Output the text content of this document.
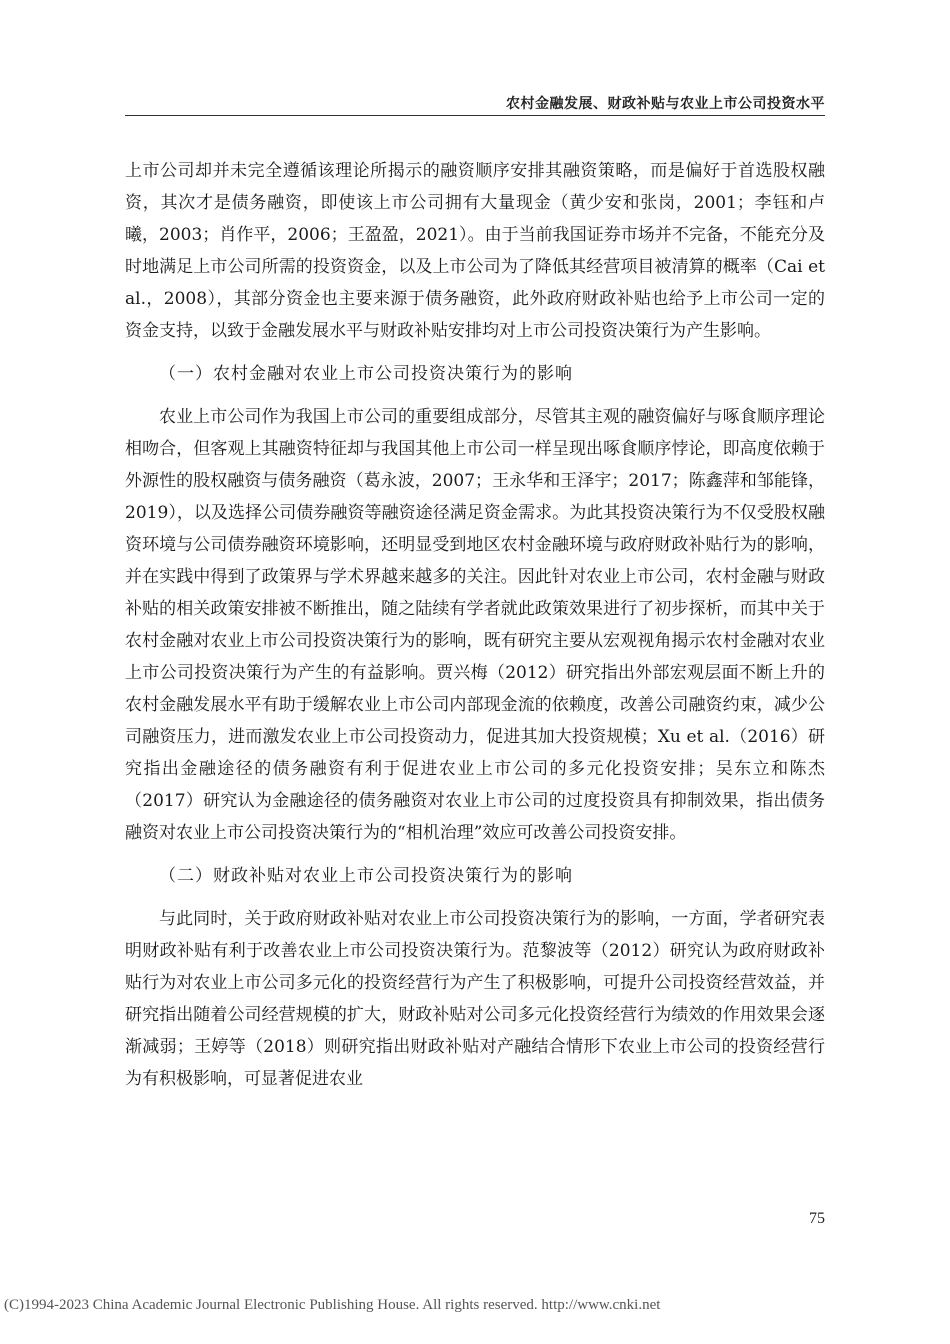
农村金融发展、财政补贴与农业上市公司投资水平

上市公司却并未完全遵循该理论所揭示的融资顺序安排其融资策略，而是偏好于首选股权融资，其次才是债务融资，即使该上市公司拥有大量现金（黄少安和张岗，2001；李钰和卢曦，2003；肖作平，2006；王盈盈，2021）。由于当前我国证券市场并不完备，不能充分及时地满足上市公司所需的投资资金，以及上市公司为了降低其经营项目被清算的概率（Cai et al.，2008），其部分资金也主要来源于债务融资，此外政府财政补贴也给予上市公司一定的资金支持，以致于金融发展水平与财政补贴安排均对上市公司投资决策行为产生影响。

（一）农村金融对农业上市公司投资决策行为的影响

农业上市公司作为我国上市公司的重要组成部分，尽管其主观的融资偏好与啄食顺序理论相吻合，但客观上其融资特征却与我国其他上市公司一样呈现出啄食顺序悖论，即高度依赖于外源性的股权融资与债务融资（葛永波，2007；王永华和王泽宇；2017；陈鑫萍和邹能锋，2019），以及选择公司债券融资等融资途径满足资金需求。为此其投资决策行为不仅受股权融资环境与公司债券融资环境影响，还明显受到地区农村金融环境与政府财政补贴行为的影响，并在实践中得到了政策界与学术界越来越多的关注。因此针对农业上市公司，农村金融与财政补贴的相关政策安排被不断推出，随之陆续有学者就此政策效果进行了初步探析，而其中关于农村金融对农业上市公司投资决策行为的影响，既有研究主要从宏观视角揭示农村金融对农业上市公司投资决策行为产生的有益影响。贾兴梅（2012）研究指出外部宏观层面不断上升的农村金融发展水平有助于缓解农业上市公司内部现金流的依赖度，改善公司融资约束，减少公司融资压力，进而激发农业上市公司投资动力，促进其加大投资规模；Xu et al.（2016）研究指出金融途径的债务融资有利于促进农业上市公司的多元化投资安排；吴东立和陈杰（2017）研究认为金融途径的债务融资对农业上市公司的过度投资具有抑制效果，指出债务融资对农业上市公司投资决策行为的“相机治理”效应可改善公司投资安排。

（二）财政补贴对农业上市公司投资决策行为的影响

与此同时，关于政府财政补贴对农业上市公司投资决策行为的影响，一方面，学者研究表明财政补贴有利于改善农业上市公司投资决策行为。范黎波等（2012）研究认为政府财政补贴行为对农业上市公司多元化的投资经营行为产生了积极影响，可提升公司投资经营效益，并研究指出随着公司经营规模的扩大，财政补贴对公司多元化投资经营行为绩效的作用效果会逐渐减弱；王婷等（2018）则研究指出财政补贴对产融结合情形下农业上市公司的投资经营行为有积极影响，可显著促进农业

75
(C)1994-2023 China Academic Journal Electronic Publishing House. All rights reserved. http://www.cnki.net
